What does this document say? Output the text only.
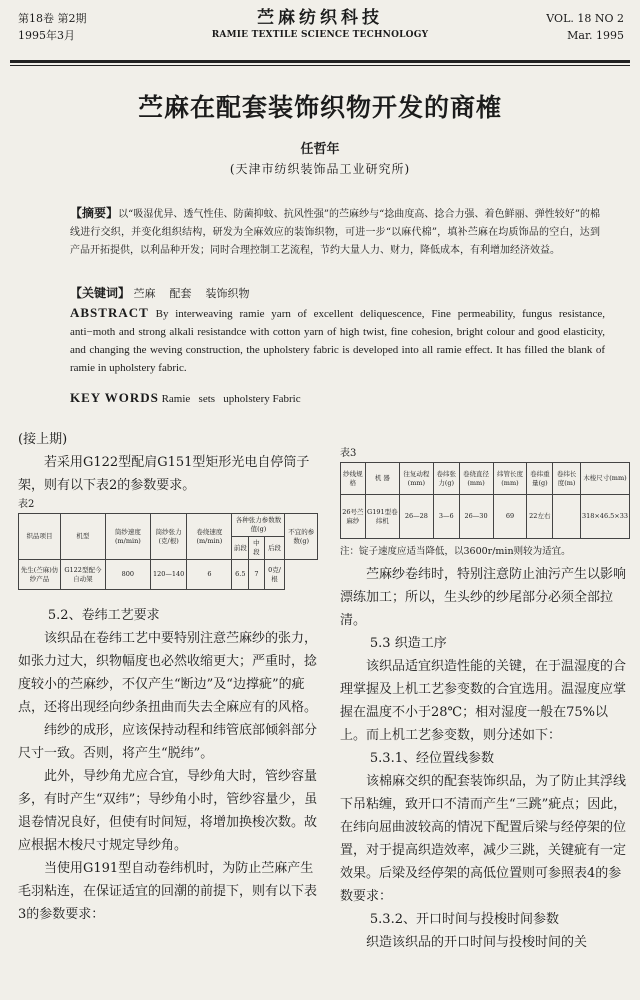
第18卷 第2期
1995年3月
苎麻纺织科技
RAMIE TEXTILE SCIENCE TECHNOLOGY
VOL. 18 NO 2
Mar. 1995
苎麻在配套装饰织物开发的商榷
任哲年
(天津市纺织装饰品工业研究所)
【摘要】以“吸湿优异、透气性佳、防菌抑蚊、抗风性强”的苎麻纱与“捻曲度高、捻合力强、着色鲜丽、弹性较好”的棉线进行交织，并变化组织结构，研发为全麻效应的装饰织物，可进一步“以麻代棉”，填补苎麻在均质饰品的空白，达到产品开拓提供，以利品种开发；同时合理控制工艺流程，节约大量人力、财力，降低成本，有利增加经济效益。
【关键词】 苎麻    配套    装饰织物
ABSTRACT By interweaving ramie yarn of excellent deliquescence, Fine permeability, fungus resistance, anti−moth and strong alkali resistandce with cotton yarn of high twist, fine cohesion, bright colour and good elasticity, and changing the weving construction, the upholstery fabric is developed into all ramie effect. It has filled the blank of ramie in upholstery fabric.
KEY WORDS Ramie   sets   upholstery Fabric

(接上期)

若采用G122型配肩G151型矩形光电自停筒子架，则有以下表2的参数要求。

表2
织品项目	机型	筒纱速度(m/min)	筒纱张力(克/根)	卷绕速度(m/min)	各种张力参数数值(g)			不宜的参数(g)
					前段	中段	后段	
先生(苎麻)仿纱产品	G122型配今自动架	800	120—140	6	6.5	7	0克/根	

5.2、卷纬工艺要求

该织品在卷纬工艺中要特别注意苎麻纱的张力，如张力过大，织物幅度也必然收缩更大；严重时，捻度较小的苎麻纱，不仅产生“断边”及“边撑疵”的疵点，还将出现经向纱条扭曲而失去全麻应有的风格。

纬纱的成形，应该保持动程和纬管底部倾斜部分尺寸一致。否则，将产生“脱纬”。

此外，导纱角尤应合宜，导纱角大时，管纱容量多，有时产生“双纬”；导纱角小时，管纱容量少，虽退卷情况良好，但使有时间短，将增加换梭次数。故应根据木梭尺寸规定导纱角。

当使用G191型自动卷纬机时，为防止苎麻产生毛羽粘连，在保证适宜的回潮的前提下，则有以下表3的参数要求：

表3
纱线规格	机 器	往复动程(mm)	卷纬张力(g)	卷绕直径(mm)	纬管长度(mm)	卷纬重量(g)	卷纬长度(m)	木梭尺寸(mm)
26号苎麻纱	G191型卷纬机	26—28	3—6	26—30	69	22左右		318×46.5×33

注：锭子速度应适当降低，以3600r/min则较为适宜。

苎麻纱卷纬时，特别注意防止油污产生以影响漂练加工；所以，生头纱的纱尾部分必须全部拉清。

5.3 织造工序

该织品适宜织造性能的关键，在于温湿度的合理掌握及上机工艺参变数的合宜选用。温湿度应掌握在温度不小于28℃；相对湿度一般在75%以上。而上机工艺参变数，则分述如下：

5.3.1、经位置线参数

该棉麻交织的配套装饰织品，为了防止其浮线下吊粘缠，致开口不清而产生“三跳”疵点；因此，在纬向屈曲波较高的情况下配置后梁与经停架的位置，对于提高织造效率，减少三跳，关键疵有一定效果。后梁及经停架的高低位置则可参照表4的参数要求：

5.3.2、开口时间与投梭时间参数

织造该织品的开口时间与投梭时间的关
